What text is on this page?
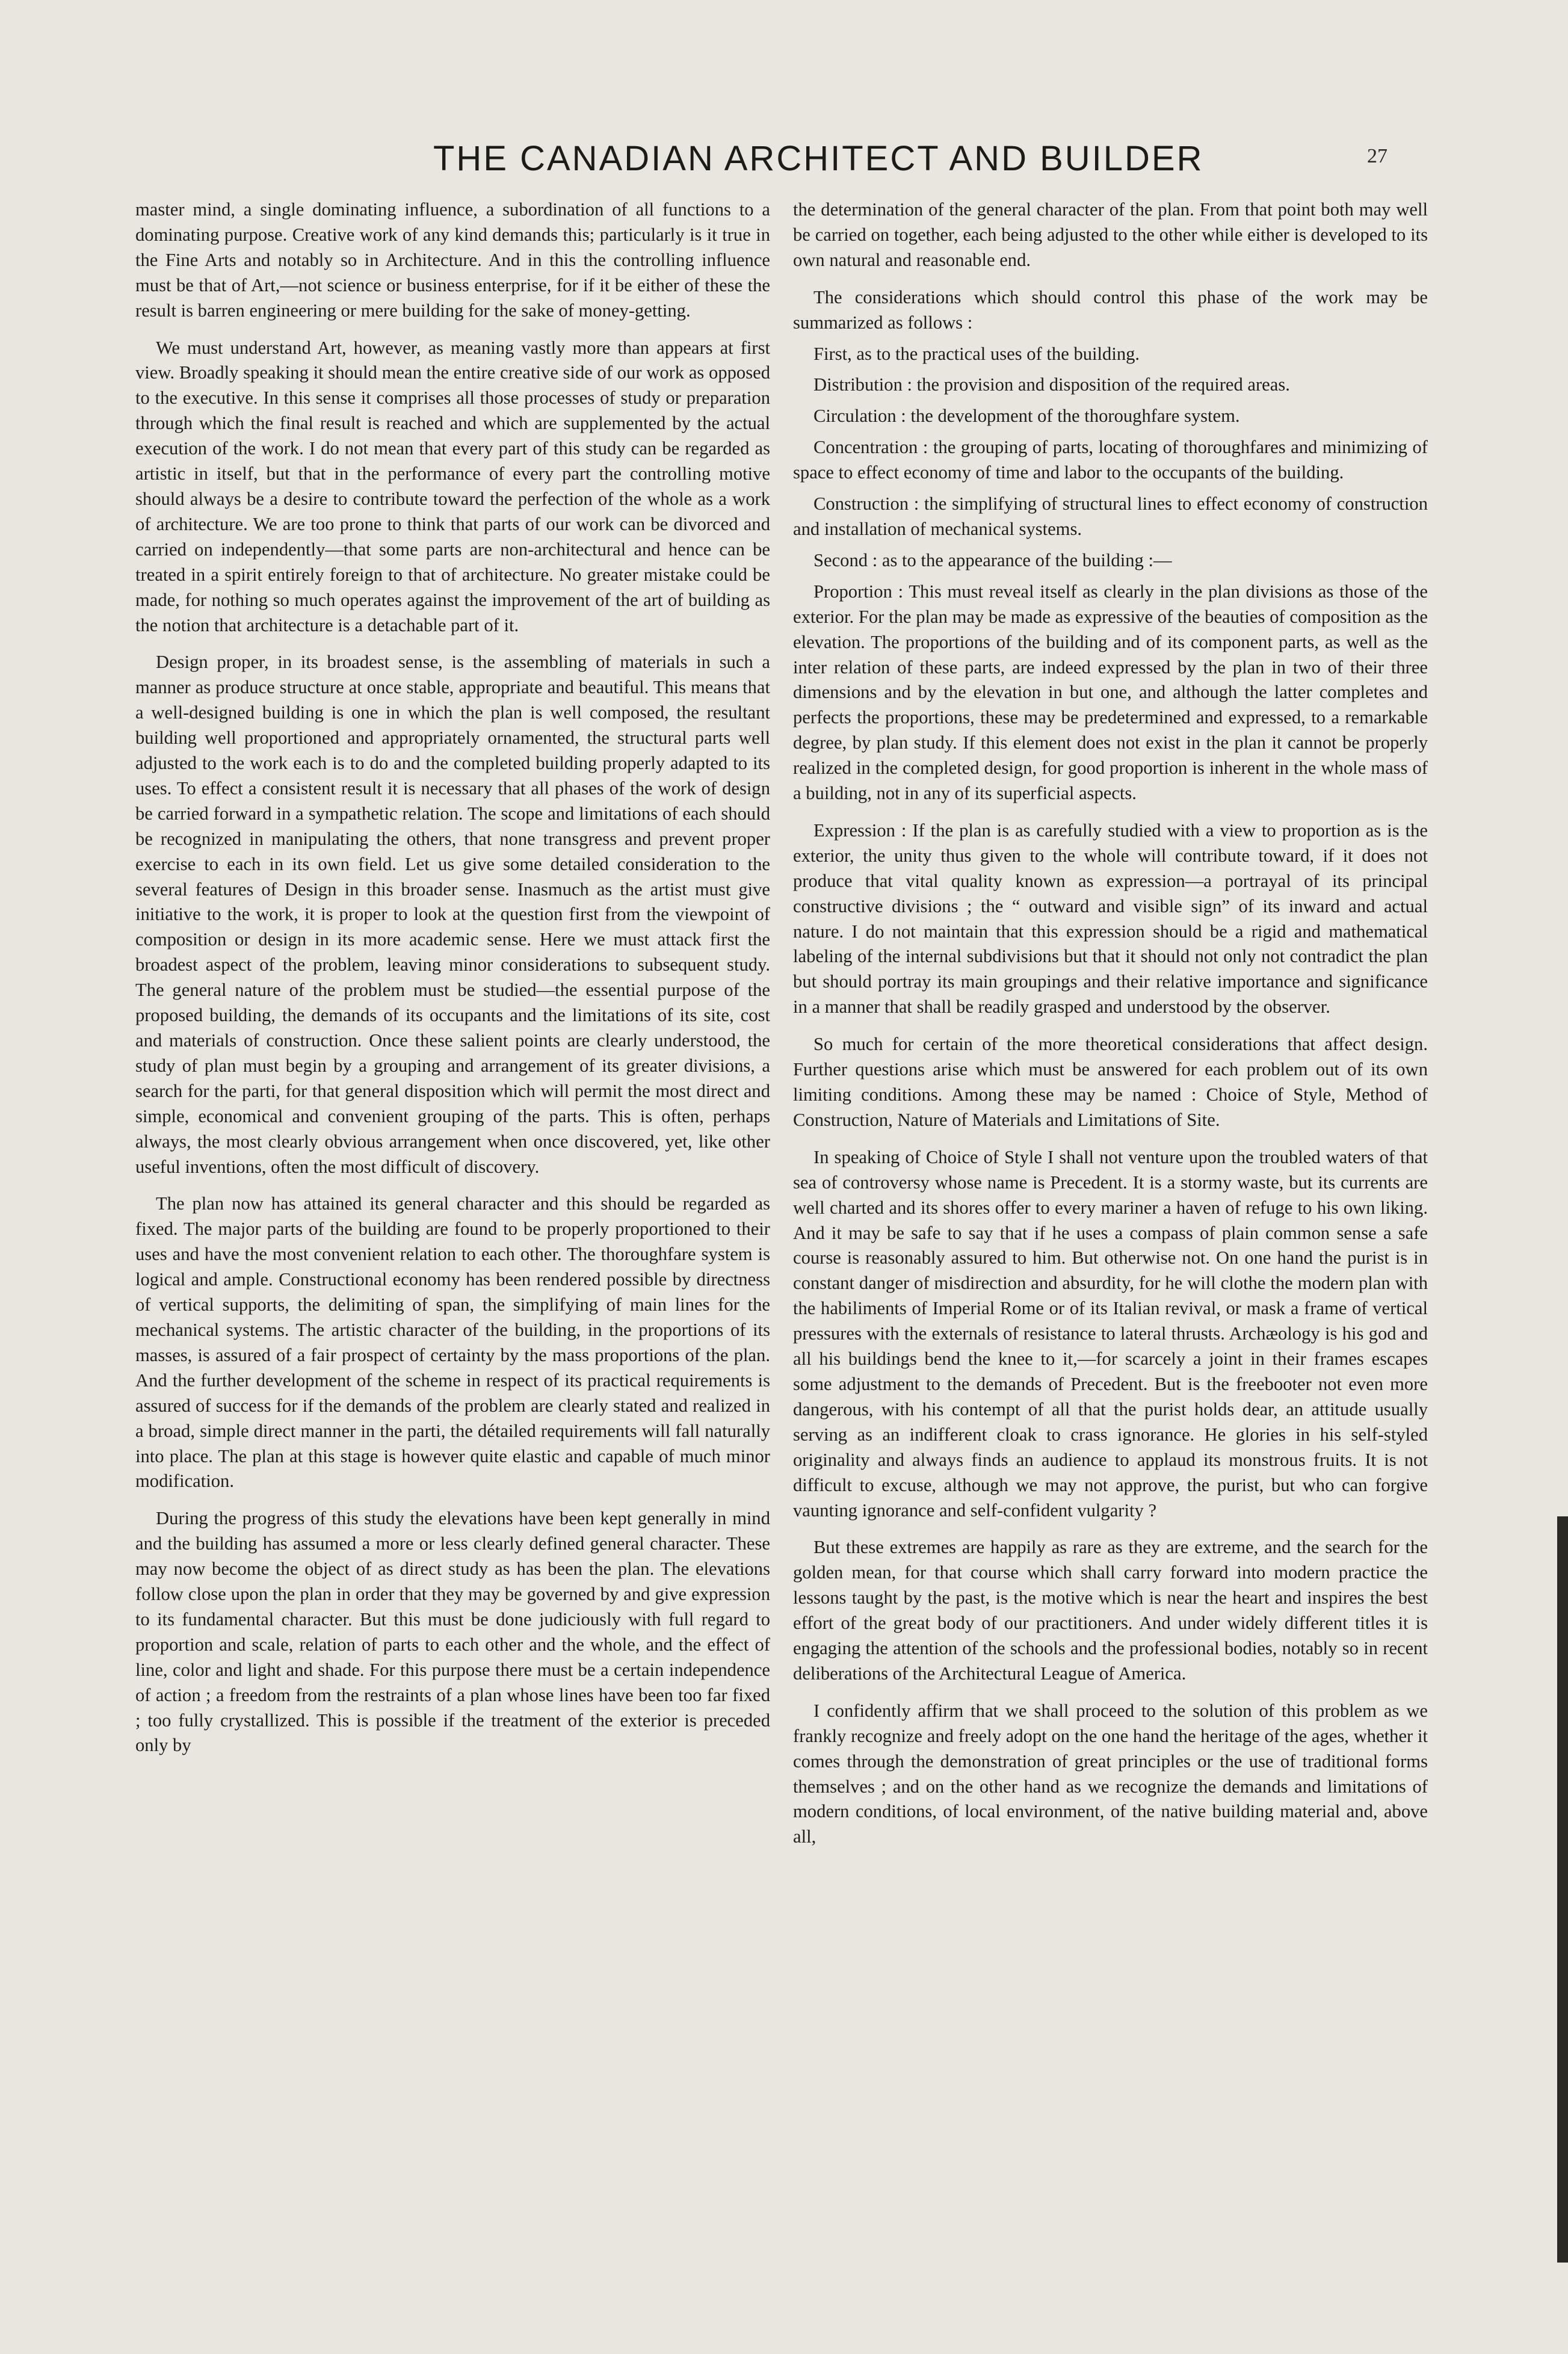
THE CANADIAN ARCHITECT AND BUILDER	27

master mind, a single dominating influence, a subordination of all functions to a dominating purpose. Creative work of any kind demands this; particularly is it true in the Fine Arts and notably so in Architecture. And in this the controlling influence must be that of Art,—not science or business enterprise, for if it be either of these the result is barren engineering or mere building for the sake of money-getting.

We must understand Art, however, as meaning vastly more than appears at first view. Broadly speaking it should mean the entire creative side of our work as opposed to the executive. In this sense it comprises all those processes of study or preparation through which the final result is reached and which are supplemented by the actual execution of the work. I do not mean that every part of this study can be regarded as artistic in itself, but that in the performance of every part the controlling motive should always be a desire to contribute toward the perfection of the whole as a work of architecture. We are too prone to think that parts of our work can be divorced and carried on independently—that some parts are non-architectural and hence can be treated in a spirit entirely foreign to that of architecture. No greater mistake could be made, for nothing so much operates against the improvement of the art of building as the notion that architecture is a detachable part of it.

Design proper, in its broadest sense, is the assembling of materials in such a manner as produce structure at once stable, appropriate and beautiful. This means that a well-designed building is one in which the plan is well composed, the resultant building well proportioned and appropriately ornamented, the structural parts well adjusted to the work each is to do and the completed building properly adapted to its uses. To effect a consistent result it is necessary that all phases of the work of design be carried forward in a sympathetic relation. The scope and limitations of each should be recognized in manipulating the others, that none transgress and prevent proper exercise to each in its own field. Let us give some detailed consideration to the several features of Design in this broader sense. Inasmuch as the artist must give initiative to the work, it is proper to look at the question first from the viewpoint of composition or design in its more academic sense. Here we must attack first the broadest aspect of the problem, leaving minor considerations to subsequent study. The general nature of the problem must be studied—the essential purpose of the proposed building, the demands of its occupants and the limitations of its site, cost and materials of construction. Once these salient points are clearly understood, the study of plan must begin by a grouping and arrangement of its greater divisions, a search for the parti, for that general disposition which will permit the most direct and simple, economical and convenient grouping of the parts. This is often, perhaps always, the most clearly obvious arrangement when once discovered, yet, like other useful inventions, often the most difficult of discovery.

The plan now has attained its general character and this should be regarded as fixed. The major parts of the building are found to be properly proportioned to their uses and have the most convenient relation to each other. The thoroughfare system is logical and ample. Constructional economy has been rendered possible by directness of vertical supports, the delimiting of span, the simplifying of main lines for the mechanical systems. The artistic character of the building, in the proportions of its masses, is assured of a fair prospect of certainty by the mass proportions of the plan. And the further development of the scheme in respect of its practical requirements is assured of success for if the demands of the problem are clearly stated and realized in a broad, simple direct manner in the parti, the détailed requirements will fall naturally into place. The plan at this stage is however quite elastic and capable of much minor modification.

During the progress of this study the elevations have been kept generally in mind and the building has assumed a more or less clearly defined general character. These may now become the object of as direct study as has been the plan. The elevations follow close upon the plan in order that they may be governed by and give expression to its fundamental character. But this must be done judiciously with full regard to proportion and scale, relation of parts to each other and the whole, and the effect of line, color and light and shade. For this purpose there must be a certain independence of action ; a freedom from the restraints of a plan whose lines have been too far fixed ; too fully crystallized. This is possible if the treatment of the exterior is preceded only by

the determination of the general character of the plan. From that point both may well be carried on together, each being adjusted to the other while either is developed to its own natural and reasonable end.

The considerations which should control this phase of the work may be summarized as follows :

First, as to the practical uses of the building.

Distribution : the provision and disposition of the required areas.

Circulation : the development of the thoroughfare system.

Concentration : the grouping of parts, locating of thoroughfares and minimizing of space to effect economy of time and labor to the occupants of the building.

Construction : the simplifying of structural lines to effect economy of construction and installation of mechanical systems.

Second : as to the appearance of the building :—

Proportion : This must reveal itself as clearly in the plan divisions as those of the exterior. For the plan may be made as expressive of the beauties of composition as the elevation. The proportions of the building and of its component parts, as well as the inter relation of these parts, are indeed expressed by the plan in two of their three dimensions and by the elevation in but one, and although the latter completes and perfects the proportions, these may be predetermined and expressed, to a remarkable degree, by plan study. If this element does not exist in the plan it cannot be properly realized in the completed design, for good proportion is inherent in the whole mass of a building, not in any of its superficial aspects.

Expression : If the plan is as carefully studied with a view to proportion as is the exterior, the unity thus given to the whole will contribute toward, if it does not produce that vital quality known as expression—a portrayal of its principal constructive divisions ; the “ outward and visible sign” of its inward and actual nature. I do not maintain that this expression should be a rigid and mathematical labeling of the internal subdivisions but that it should not only not contradict the plan but should portray its main groupings and their relative importance and significance in a manner that shall be readily grasped and understood by the observer.

So much for certain of the more theoretical considerations that affect design. Further questions arise which must be answered for each problem out of its own limiting conditions. Among these may be named : Choice of Style, Method of Construction, Nature of Materials and Limitations of Site.

In speaking of Choice of Style I shall not venture upon the troubled waters of that sea of controversy whose name is Precedent. It is a stormy waste, but its currents are well charted and its shores offer to every mariner a haven of refuge to his own liking. And it may be safe to say that if he uses a compass of plain common sense a safe course is reasonably assured to him. But otherwise not. On one hand the purist is in constant danger of misdirection and absurdity, for he will clothe the modern plan with the habiliments of Imperial Rome or of its Italian revival, or mask a frame of vertical pressures with the externals of resistance to lateral thrusts. Archæology is his god and all his buildings bend the knee to it,—for scarcely a joint in their frames escapes some adjustment to the demands of Precedent. But is the freebooter not even more dangerous, with his contempt of all that the purist holds dear, an attitude usually serving as an indifferent cloak to crass ignorance. He glories in his self-styled originality and always finds an audience to applaud its monstrous fruits. It is not difficult to excuse, although we may not approve, the purist, but who can forgive vaunting ignorance and self-confident vulgarity ?

But these extremes are happily as rare as they are extreme, and the search for the golden mean, for that course which shall carry forward into modern practice the lessons taught by the past, is the motive which is near the heart and inspires the best effort of the great body of our practitioners. And under widely different titles it is engaging the attention of the schools and the professional bodies, notably so in recent deliberations of the Architectural League of America.

I confidently affirm that we shall proceed to the solution of this problem as we frankly recognize and freely adopt on the one hand the heritage of the ages, whether it comes through the demonstration of great principles or the use of traditional forms themselves ; and on the other hand as we recognize the demands and limitations of modern conditions, of local environment, of the native building material and, above all,
